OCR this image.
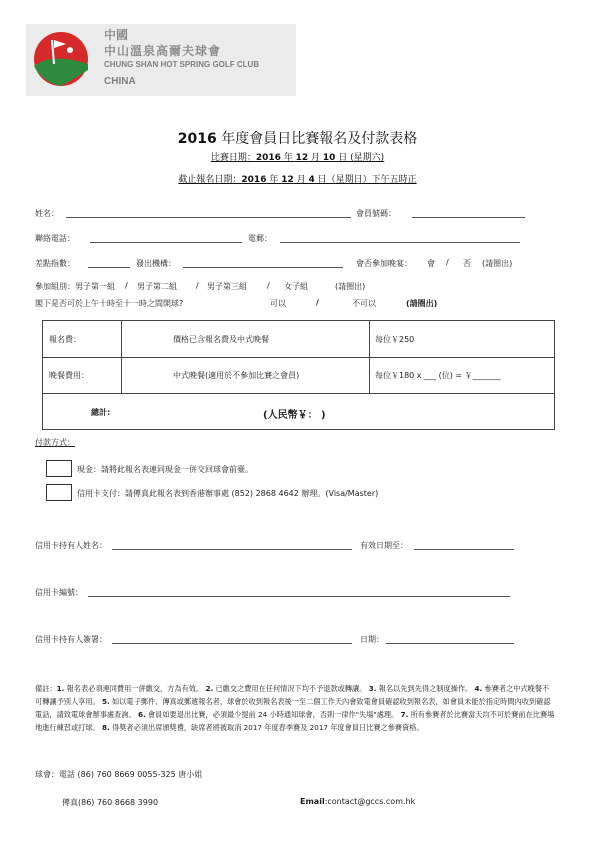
中國
中山溫泉高爾夫球會
CHUNG SHAN HOT SPRING GOLF CLUB
CHINA
2016 年度會員日比賽報名及付款表格
比賽日期：2016 年 12 月 10 日 (星期六)
截止報名日期：2016 年 12 月 4 日（星期日）下午五時正
姓名：	會員號碼：
聯絡電話：	電郵：
差點指數：	發出機構：	會否參加晚宴： 會 / 否 (請圈出)
參加組別： 男子第一組 / 男子第二組 / 男子第三組	/ 女子組	(請圈出)
閣下是否可於上午十時至十一時之間開球?	可以	/	不可以	(請圈出)
報名費：	價格已含報名費及中式晚餐	每位￥250
晚餐費用：	中式晚餐(適用於不參加比賽之會員)	每位￥180 x ___ (位) = ￥_______
總計:	(人民幣￥： )
付款方式：
現金：請將此報名表連同現金一併交回球會前臺。
信用卡支付：請傳真此報名表到香港辦事處 (852) 2868 4642 辦理。(Visa/Master)
信用卡持有人姓名：	有效日期至：
信用卡編號：
信用卡持有人簽署：	日期：
備註：1. 報名表必須連同費用一併繳交，方為有效。 2. 已繳交之費用在任何情況下均不予退款或轉讓。 3. 報名以先到先得之制度操作。 4. 參賽者之中式晚餐不可轉讓予別人享用。 5. 如以電子郵件、傳真或郵遞報名者，球會於收到報名表後一至二個工作天內會致電會員確認收到報名表，如會員未能於指定時間內收到確認電話，請致電球會辦事處查詢。 6. 會員如要退出比賽，必須最少提前 24 小時通知球會，否則一律作"失場"處理。 7. 所有參賽者於比賽當天均不可於賽前在比賽場地進行練習或打球。 8. 得獎者必須出席頒獎禮，缺席者將被取消 2017 年度春季賽及 2017 年度會員日比賽之參賽資格。
球會：電話 (86) 760 8669 0055-325 唐小姐
傳真(86) 760 8668 3990	Email:contact@gccs.com.hk
